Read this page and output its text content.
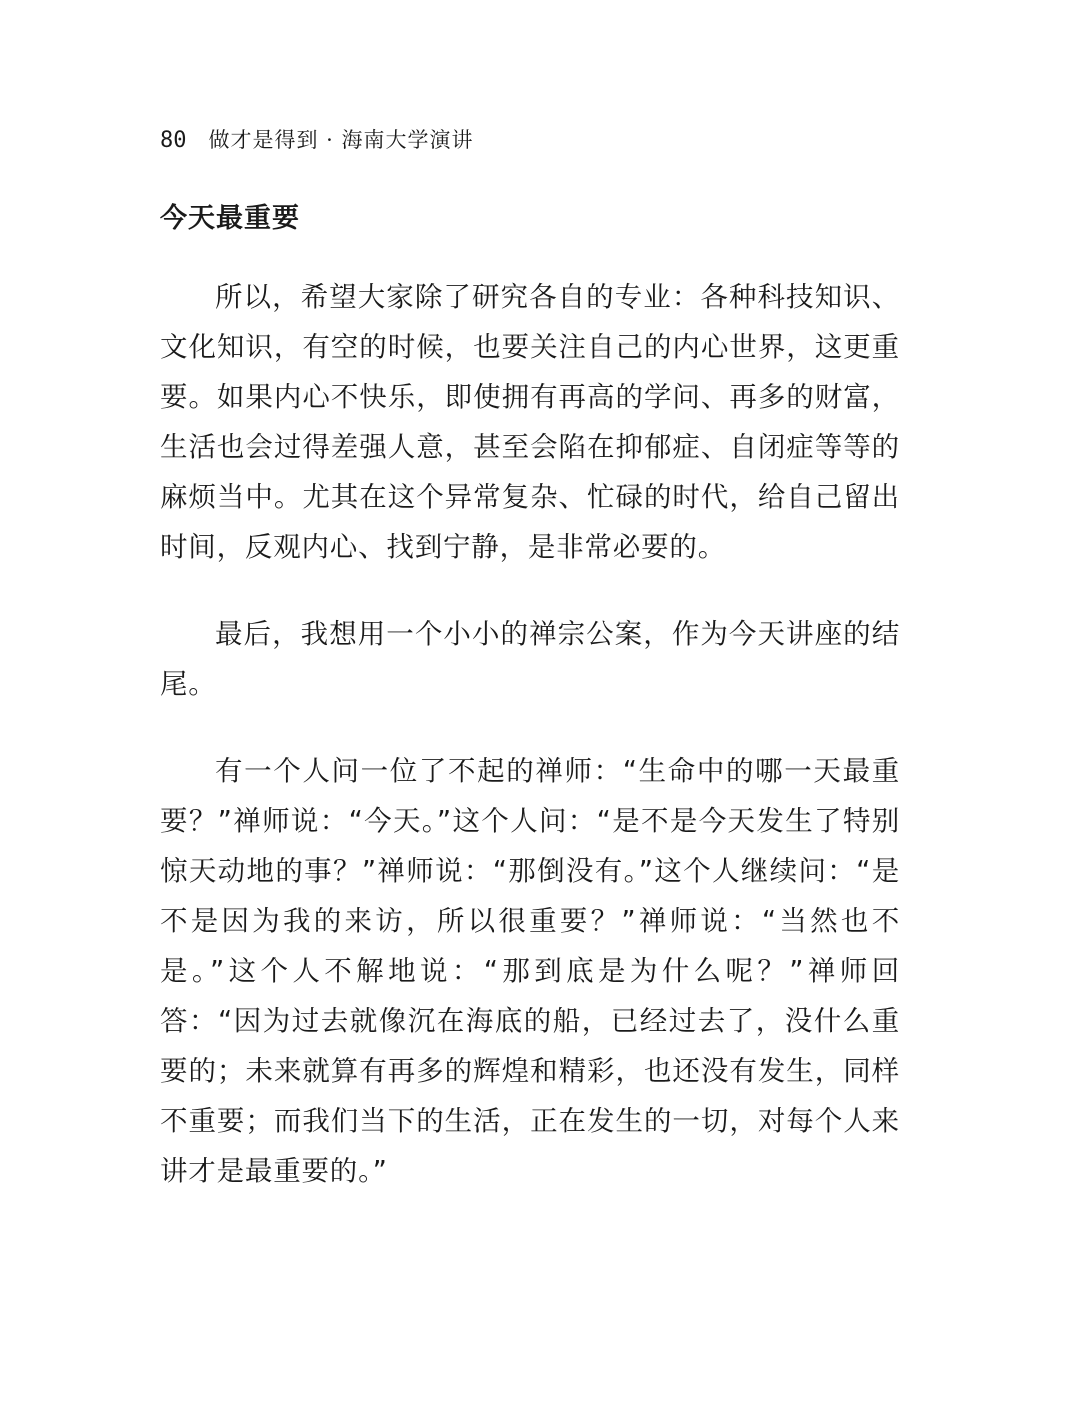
80 做才是得到 · 海南大学演讲
今天最重要

所以，希望大家除了研究各自的专业：各种科技知识、文化知识，有空的时候，也要关注自己的内心世界，这更重要。如果内心不快乐，即使拥有再高的学问、再多的财富，生活也会过得差强人意，甚至会陷在抑郁症、自闭症等等的麻烦当中。尤其在这个异常复杂、忙碌的时代，给自己留出时间，反观内心、找到宁静，是非常必要的。

最后，我想用一个小小的禅宗公案，作为今天讲座的结尾。

有一个人问一位了不起的禅师：“生命中的哪一天最重要？”禅师说：“今天。”这个人问：“是不是今天发生了特别惊天动地的事？”禅师说：“那倒没有。”这个人继续问：“是不是因为我的来访，所以很重要？”禅师说：“当然也不是。”这个人不解地说：“那到底是为什么呢？”禅师回答：“因为过去就像沉在海底的船，已经过去了，没什么重要的；未来就算有再多的辉煌和精彩，也还没有发生，同样不重要；而我们当下的生活，正在发生的一切，对每个人来讲才是最重要的。”
